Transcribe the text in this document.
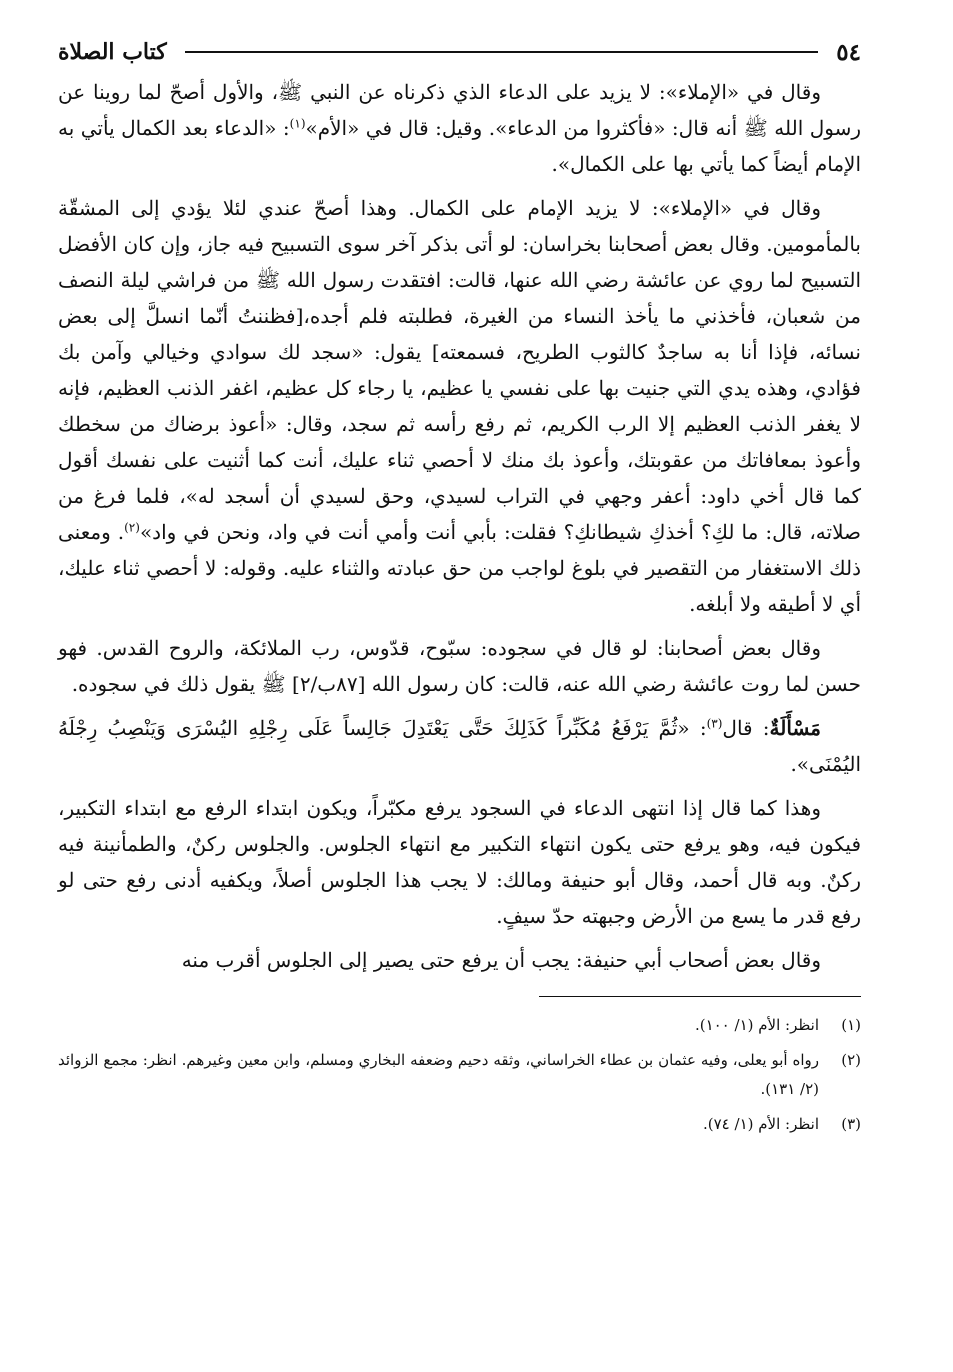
٥٤
كتاب الصلاة

وقال في «الإملاء»: لا يزيد على الدعاء الذي ذكرناه عن النبي ﷺ، والأول أصحّ لما روينا عن رسول الله ﷺ أنه قال: «فأكثروا من الدعاء». وقيل: قال في «الأم»$^{(١)}$: «الدعاء بعد الكمال يأتي به الإمام أيضاً كما يأتي بها على الكمال».

وقال في «الإملاء»: لا يزيد الإمام على الكمال. وهذا أصحّ عندي لئلا يؤدي إلى المشقّة بالمأمومين. وقال بعض أصحابنا بخراسان: لو أتى بذكر آخر سوى التسبيح فيه جاز، وإن كان الأفضل التسبيح لما روي عن عائشة رضي الله عنها، قالت: افتقدت رسول الله ﷺ من فراشي ليلة النصف من شعبان، فأخذني ما يأخذ النساء من الغيرة، فطلبته فلم أجده،[فظننتُ أنّما انسلَّ إلى بعض نسائه، فإذا أنا به ساجدٌ كالثوب الطريح، فسمعته] يقول: «سجد لك سوادي وخيالي وآمن بك فؤادي، وهذه يدي التي جنيت بها على نفسي يا عظيم، يا رجاء كل عظيم، اغفر الذنب العظيم، فإنه لا يغفر الذنب العظيم إلا الرب الكريم، ثم رفع رأسه ثم سجد، وقال: «أعوذ برضاك من سخطك وأعوذ بمعافاتك من عقوبتك، وأعوذ بك منك لا أحصي ثناء عليك، أنت كما أثنيت على نفسك أقول كما قال أخي داود: أعفر وجهي في التراب لسيدي، وحق لسيدي أن أسجد له»، فلما فرغ من صلاته، قال: ما لكِ؟ أخذكِ شيطانكِ؟ فقلت: بأبي أنت وأمي أنت في واد، ونحن في واد»$^{(٢)}$. ومعنى ذلك الاستغفار من التقصير في بلوغ لواجب من حق عبادته والثناء عليه. وقوله: لا أحصي ثناء عليك، أي لا أطيقه ولا أبلغه.

وقال بعض أصحابنا: لو قال في سجوده: سبّوح، قدّوس، رب الملائكة، والروح القدس. فهو حسن لما روت عائشة رضي الله عنه، قالت: كان رسول الله [٨٧ب/٢] ﷺ يقول ذلك في سجوده.

مَسْأَلَةٌ: قال$^{(٣)}$: «ثُمَّ يَرْفَعُ مُكَبِّراً كَذَلِكَ حَتَّى يَعْتَدِلَ جَالِساً عَلَى رِجْلِهِ اليُسْرَى وَيَنْصِبُ رِجْلَهُ اليُمْنَى».

وهذا كما قال إذا انتهى الدعاء في السجود يرفع مكبّراً، ويكون ابتداء الرفع مع ابتداء التكبير، فيكون فيه، وهو يرفع حتى يكون انتهاء التكبير مع انتهاء الجلوس. والجلوس ركنٌ، والطمأنينة فيه ركنٌ. وبه قال أحمد، وقال أبو حنيفة ومالك: لا يجب هذا الجلوس أصلاً، ويكفيه أدنى رفع حتى لو رفع قدر ما يسع من الأرض وجبهته حدّ سيفٍ.

وقال بعض أصحاب أبي حنيفة: يجب أن يرفع حتى يصير إلى الجلوس أقرب منه

(١)
انظر: الأم (١/ ١٠٠).
(٢)
رواه أبو يعلى، وفيه عثمان بن عطاء الخراساني، وثقه دحيم وضعفه البخاري ومسلم، وابن معين وغيرهم. انظر: مجمع الزوائد (٢/ ١٣١).
(٣)
انظر: الأم (١/ ٧٤).
